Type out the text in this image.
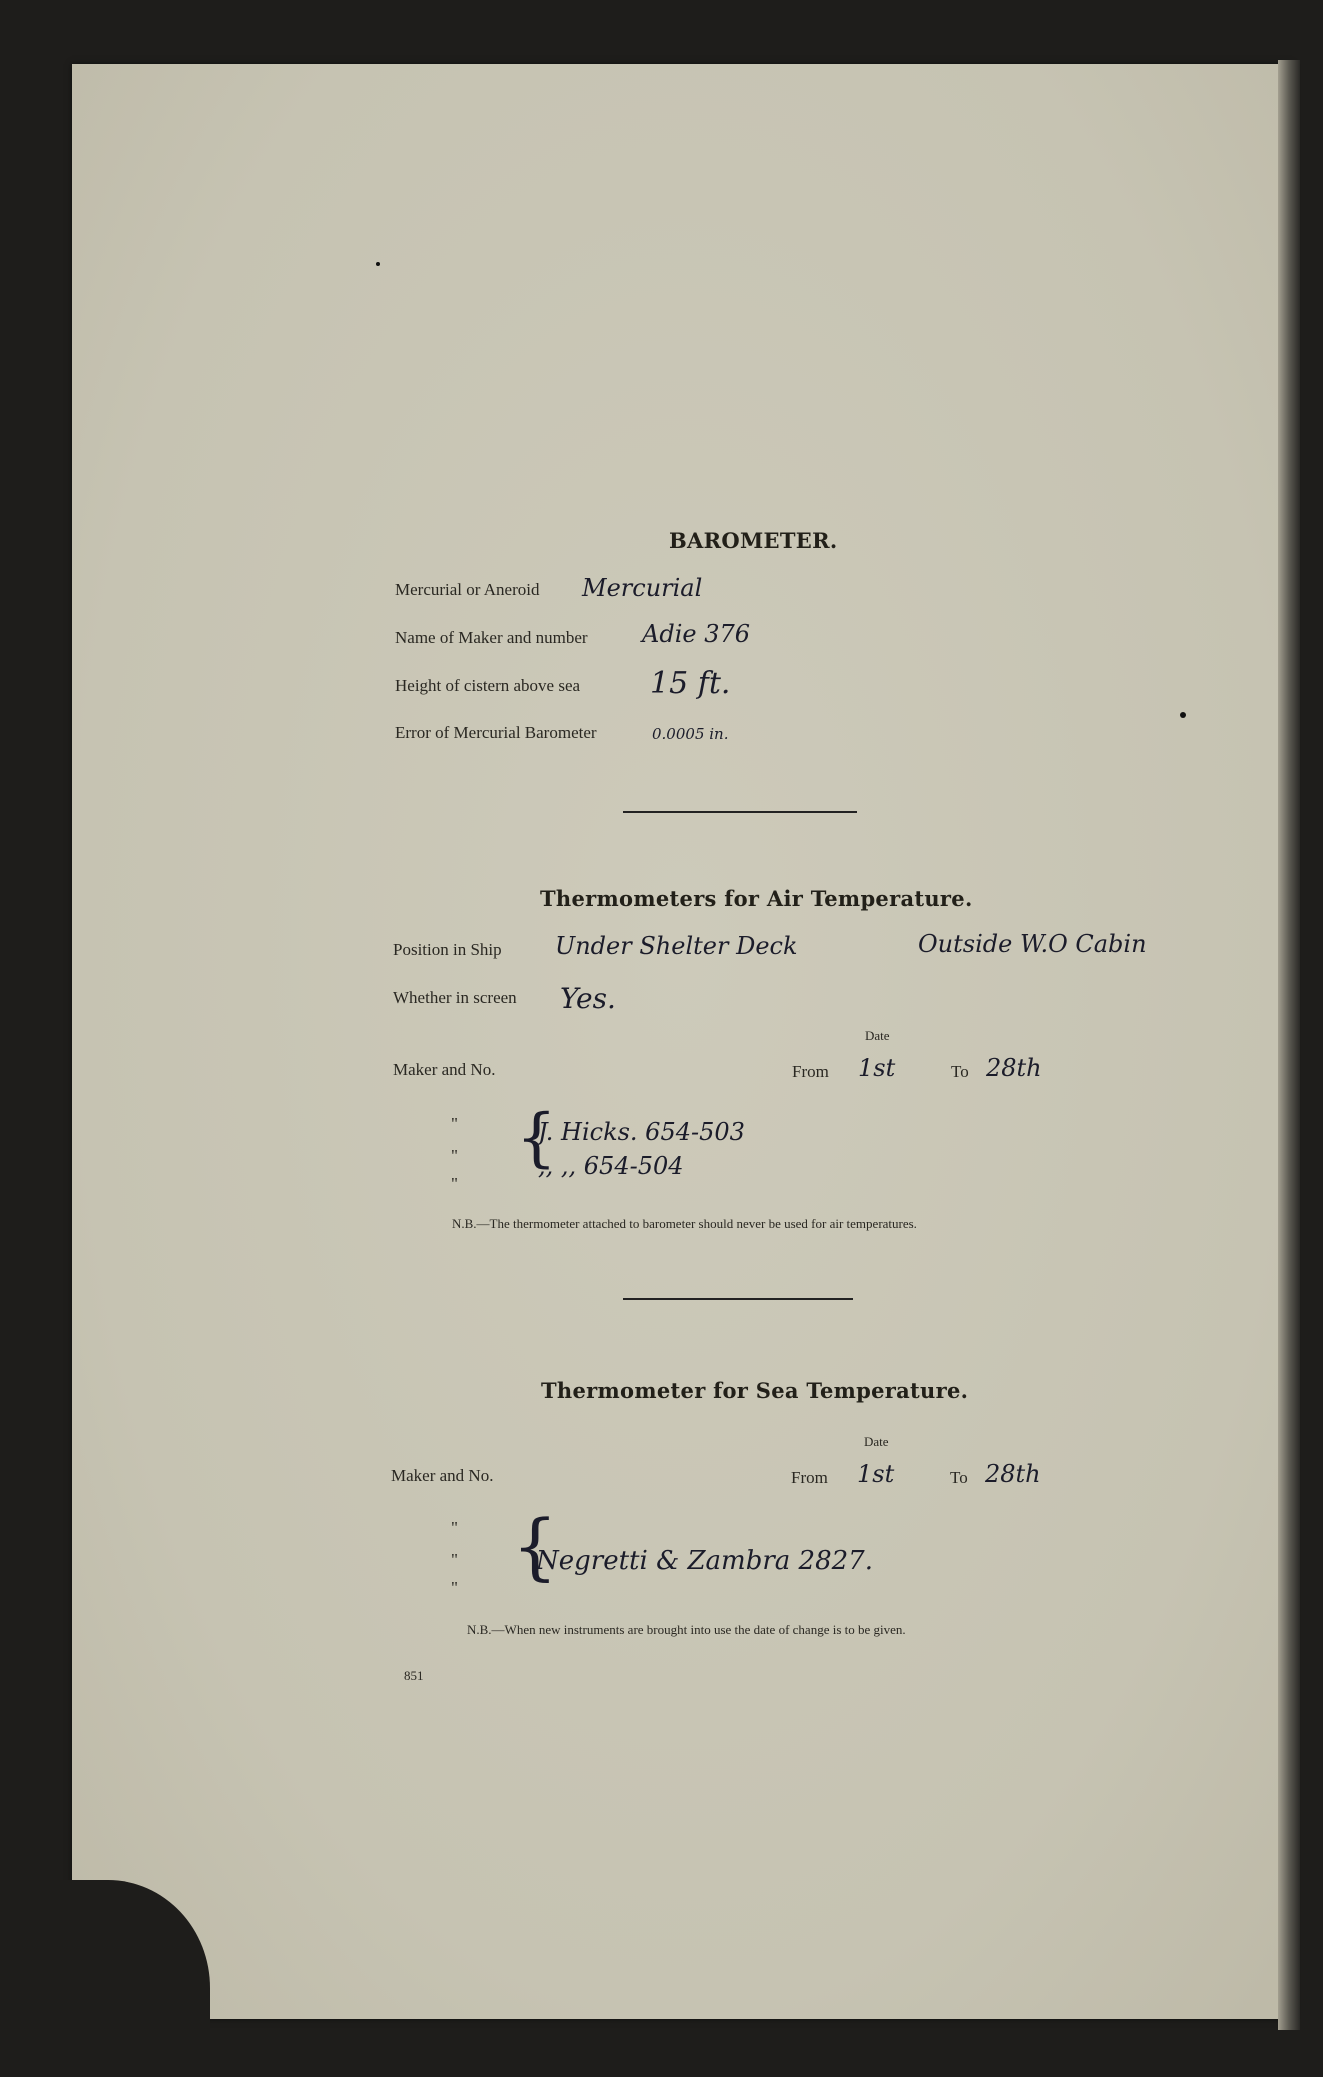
BAROMETER.
Mercurial or Aneroid Mercurial
Name of Maker and number Adie 376
Height of cistern above sea 15 ft.
Error of Mercurial Barometer	0.0005 in.
Thermometers for Air Temperature.
Position in Ship Under Shelter Deck	Outside W.O Cabin
Whether in screen Yes.
Date
Maker and No.	From 1st	To 28th
"
"
"
{
J. Hicks. 654-503
,, ,, 654-504
N.B.—The thermometer attached to barometer should never be used for air temperatures.
Thermometer for Sea Temperature.
Date
Maker and No.	From 1st	To 28th
"
"
" {
Negretti & Zambra 2827.
N.B.—When new instruments are brought into use the date of change is to be given.
851
